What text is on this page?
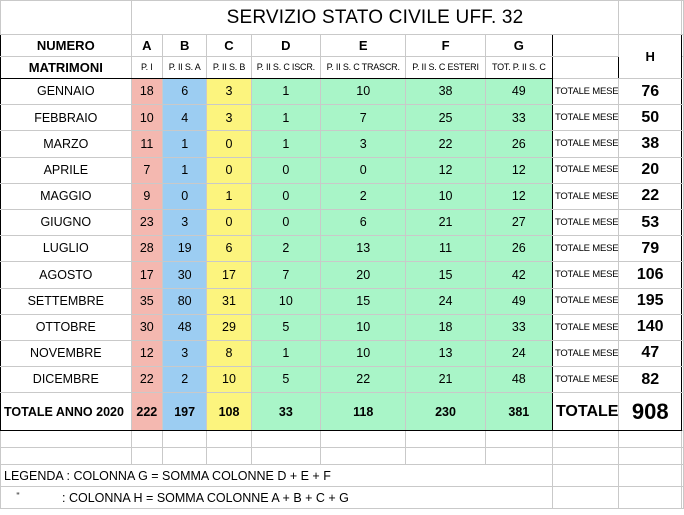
	SERVIZIO STATO CIVILE UFF. 32									
NUMERO	A	B	C	D	E	F	G		H	
MATRIMONI	P. I	P. II S. A	P. II S. B	P. II S. C ISCR.	P. II S. C TRASCR.	P. II S. C ESTERI	TOT. P. II S. C			
GENNAIO	18	6	3	1	10	38	49	TOTALE MESE	76	
FEBBRAIO	10	4	3	1	7	25	33	TOTALE MESE	50	
MARZO	11	1	0	1	3	22	26	TOTALE MESE	38	
APRILE	7	1	0	0	0	12	12	TOTALE MESE	20	
MAGGIO	9	0	1	0	2	10	12	TOTALE MESE	22	
GIUGNO	23	3	0	0	6	21	27	TOTALE MESE	53	
LUGLIO	28	19	6	2	13	11	26	TOTALE MESE	79	
AGOSTO	17	30	17	7	20	15	42	TOTALE MESE	106	
SETTEMBRE	35	80	31	10	15	24	49	TOTALE MESE	195	
OTTOBRE	30	48	29	5	10	18	33	TOTALE MESE	140	
NOVEMBRE	12	3	8	1	10	13	24	TOTALE MESE	47	
DICEMBRE	22	2	10	5	22	21	48	TOTALE MESE	82	
TOTALE ANNO 2020	222	197	108	33	118	230	381	TOTALE	908	

LEGENDA : COLONNA G = SOMMA COLONNE D + E + F										
" : COLONNA H = SOMMA COLONNE A + B + C + G										
